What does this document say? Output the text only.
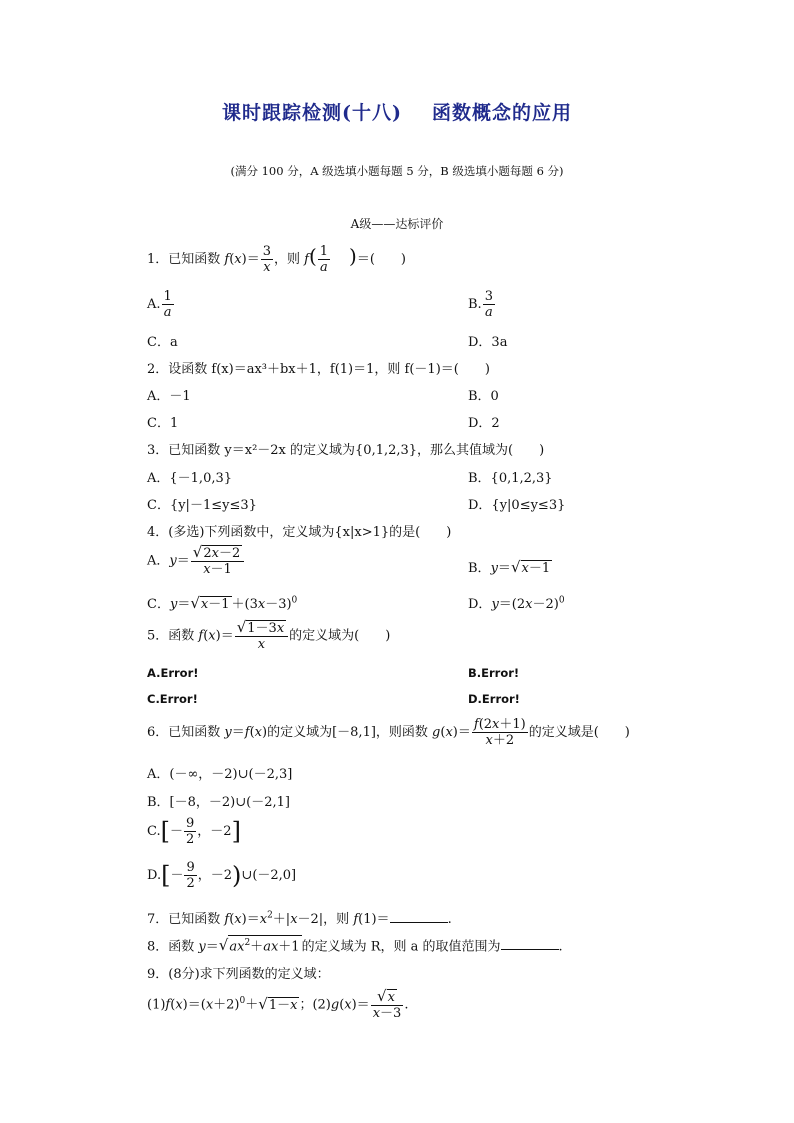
课时跟踪检测(十八) 函数概念的应用
(满分 100 分，A 级选填小题每题 5 分，B 级选填小题每题 6 分)
A级——达标评价
1．已知函数 $f(x)= \frac{3}{x}$ ，则 $f( \frac{1}{a}$ )＝(　　)
A. $\frac{1}{a}$	B. $\frac{3}{a}$
C．a	D．3a
2．设函数 f(x)＝ax³＋bx＋1，f(1)＝1，则 f(－1)＝(　　)
A．－1	B．0
C．1	D．2
3．已知函数 y＝x²－2x 的定义域为{0,1,2,3}，那么其值域为(　　)
A．{－1,0,3}	B．{0,1,2,3}
C．{y|－1≤y≤3}	D．{y|0≤y≤3}
4．(多选)下列函数中，定义域为{x|x>1}的是(　　)
A．$y= \frac{√2x-2}{x-1}$	B．y＝√x－1
C．$y=√x-1 +(3x-3)^0$	D．$y=(2x-2)^0$
5．函数 $f(x)= \frac{√1-3x}{x}$ 的定义域为(　　)
A.Error!	B.Error!
C.Error!	D.Error!
6．已知函数 y＝f(x)的定义域为[－8,1]，则函数 $g(x)= \frac{f(2x+1)}{x+2}$ 的定义域是(　　)
A．(－∞，－2)∪(－2,3]
B．[－8，－2)∪(－2,1]
$C.[- \frac{9}{2}$ ，－2]
$D.[- \frac{9}{2}$ ，－2)∪(－2,0]
7．已知函数 $f(x)=x^2+|x-2|$，则 f(1)＝	.
8．函数 $y=√ax^2+ax+1$ 的定义域为 R，则 a 的取值范围为	.
9．(8分)求下列函数的定义域：
$(1)f(x)=(x+2)^0+√1-x$ ；$(2)g(x)= \frac{√x}{x-3}$ .
